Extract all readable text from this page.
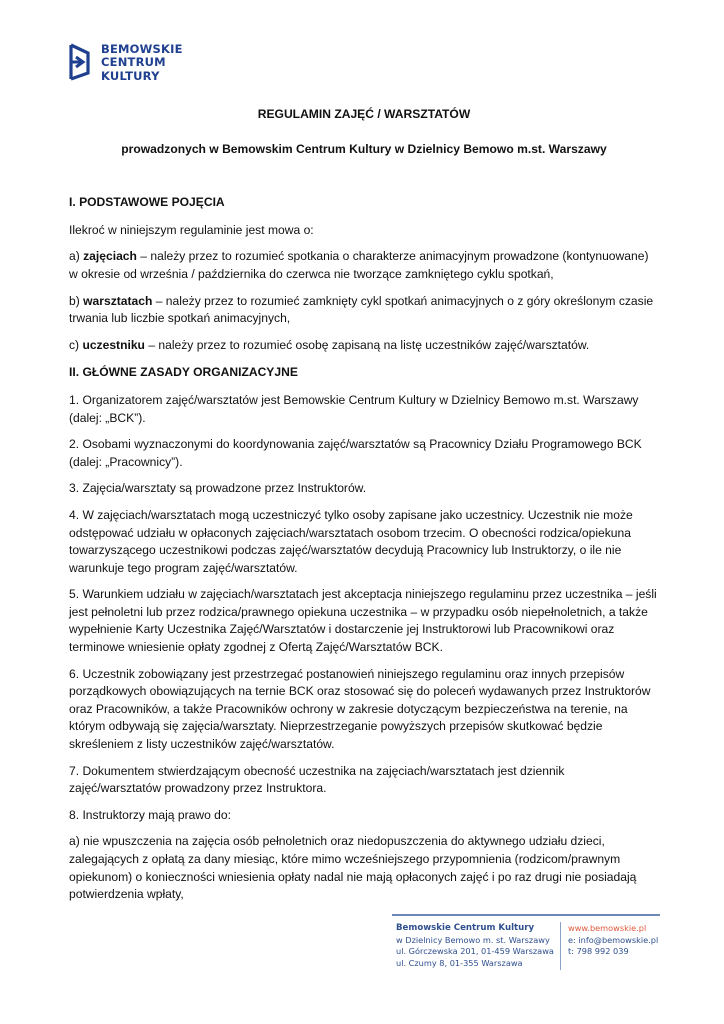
BEMOWSKIE
CENTRUM
KULTURY

REGULAMIN ZAJĘĆ / WARSZTATÓW

prowadzonych w Bemowskim Centrum Kultury w Dzielnicy Bemowo m.st. Warszawy

I. PODSTAWOWE POJĘCIA

Ilekroć w niniejszym regulaminie jest mowa o:

a) zajęciach – należy przez to rozumieć spotkania o charakterze animacyjnym prowadzone (kontynuowane) w okresie od września / października do czerwca nie tworzące zamkniętego cyklu spotkań,

b) warsztatach – należy przez to rozumieć zamknięty cykl spotkań animacyjnych o z góry określonym czasie trwania lub liczbie spotkań animacyjnych,

c) uczestniku – należy przez to rozumieć osobę zapisaną na listę uczestników zajęć/warsztatów.

II. GŁÓWNE ZASADY ORGANIZACYJNE

1. Organizatorem zajęć/warsztatów jest Bemowskie Centrum Kultury w Dzielnicy Bemowo m.st. Warszawy (dalej: „BCK”).

2. Osobami wyznaczonymi do koordynowania zajęć/warsztatów są Pracownicy Działu Programowego BCK (dalej: „Pracownicy”).

3. Zajęcia/warsztaty są prowadzone przez Instruktorów.

4. W zajęciach/warsztatach mogą uczestniczyć tylko osoby zapisane jako uczestnicy. Uczestnik nie może odstępować udziału w opłaconych zajęciach/warsztatach osobom trzecim. O obecności rodzica/opiekuna towarzyszącego uczestnikowi podczas zajęć/warsztatów decydują Pracownicy lub Instruktorzy, o ile nie warunkuje tego program zajęć/warsztatów.

5. Warunkiem udziału w zajęciach/warsztatach jest akceptacja niniejszego regulaminu przez uczestnika – jeśli jest pełnoletni lub przez rodzica/prawnego opiekuna uczestnika – w przypadku osób niepełnoletnich, a także wypełnienie Karty Uczestnika Zajęć/Warsztatów i dostarczenie jej Instruktorowi lub Pracownikowi oraz terminowe wniesienie opłaty zgodnej z Ofertą Zajęć/Warsztatów BCK.

6. Uczestnik zobowiązany jest przestrzegać postanowień niniejszego regulaminu oraz innych przepisów porządkowych obowiązujących na ternie BCK oraz stosować się do poleceń wydawanych przez Instruktorów oraz Pracowników, a także Pracowników ochrony w zakresie dotyczącym bezpieczeństwa na terenie, na którym odbywają się zajęcia/warsztaty. Nieprzestrzeganie powyższych przepisów skutkować będzie skreśleniem z listy uczestników zajęć/warsztatów.

7. Dokumentem stwierdzającym obecność uczestnika na zajęciach/warsztatach jest dziennik zajęć/warsztatów prowadzony przez Instruktora.

8. Instruktorzy mają prawo do:

a) nie wpuszczenia na zajęcia osób pełnoletnich oraz niedopuszczenia do aktywnego udziału dzieci, zalegających z opłatą za dany miesiąc, które mimo wcześniejszego przypomnienia (rodzicom/prawnym opiekunom) o konieczności wniesienia opłaty nadal nie mają opłaconych zajęć i po raz drugi nie posiadają potwierdzenia wpłaty,

Bemowskie Centrum Kultury
w Dzielnicy Bemowo m. st. Warszawy
ul. Górczewska 201, 01-459 Warszawa
ul. Czumy 8, 01-355 Warszawa
www.bemowskie.pl
e: info@bemowskie.pl
t: 798 992 039
